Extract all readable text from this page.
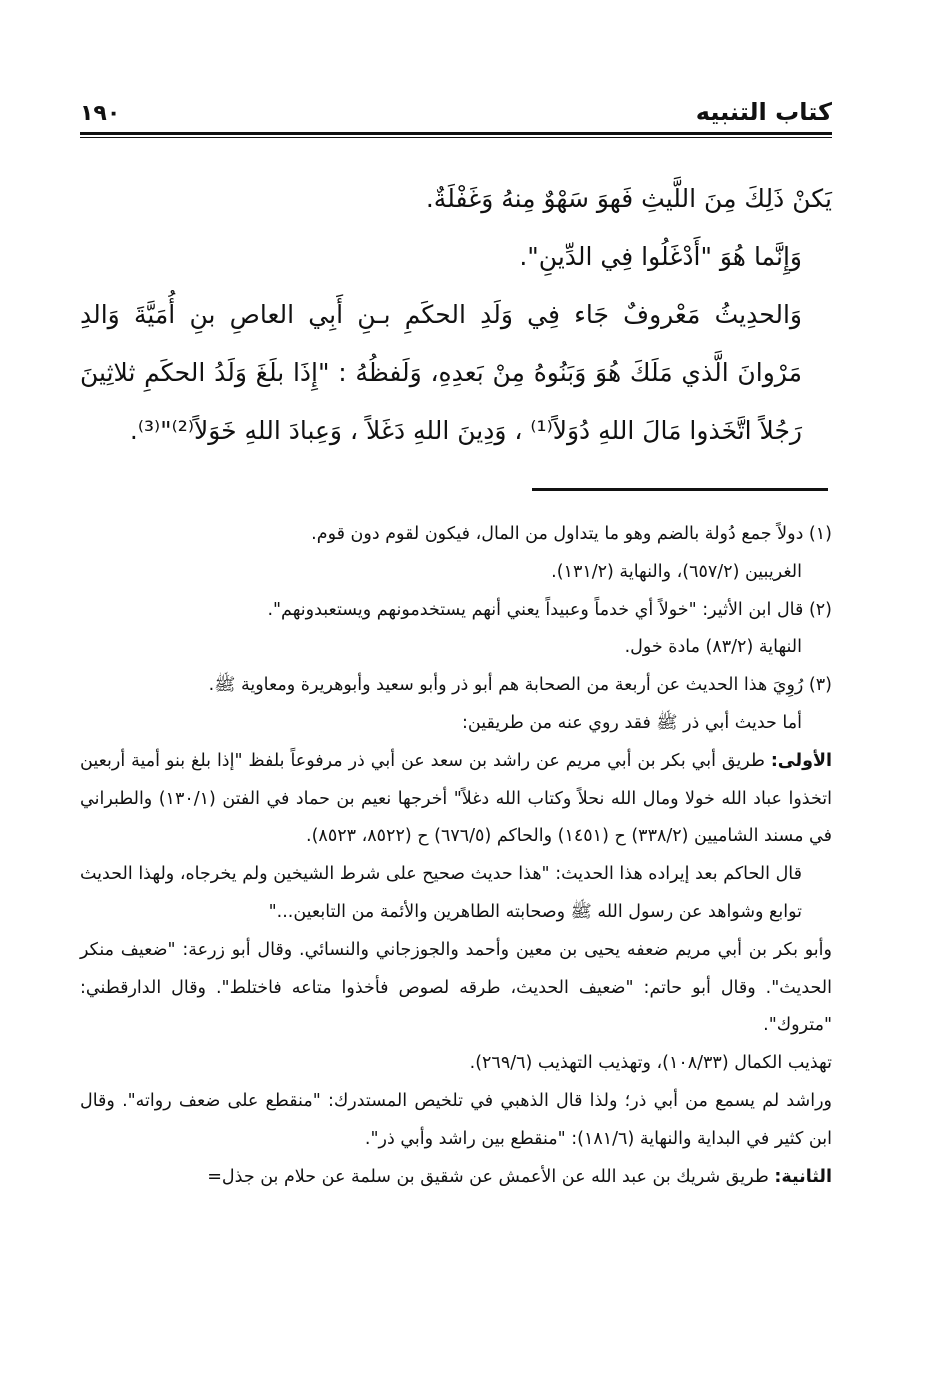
كتاب التنبيه
١٩٠

يَكنْ ذَلِكَ مِنَ اللَّيثِ فَهوَ سَهْوٌ مِنهُ وَغَفْلَةٌ.

وَإِنَّما هُوَ "أَدْغَلُوا فِي الدِّينِ".

وَالحدِيثُ مَعْروفٌ جَاء فِي وَلَدِ الحكَمِ بـنِ أَبِي العاصِ بنِ أُمَيَّةَ وَالدِ مَرْوانَ الَّذي مَلَكَ هُوَ وَبَنُوهُ مِنْ بَعدِهِ، وَلَفظُهُ : "إِذَا بلَغَ وَلَدُ الحكَمِ ثلاثِينَ رَجُلاً اتَّخَذوا مَالَ اللهِ دُوَلاً⁽¹⁾ ، وَدِينَ اللهِ دَغَلاً ، وَعِبادَ اللهِ خَوَلاً⁽²⁾"⁽³⁾.

(١) دولاً جمع دُولة بالضم وهو ما يتداول من المال، فيكون لقوم دون قوم.

الغريبين (٦٥٧/٢)، والنهاية (١٣١/٢).

(٢) قال ابن الأثير: "خولاً أي خدماً وعبيداً يعني أنهم يستخدمونهم ويستعبدونهم".

النهاية (٨٣/٢) مادة خول.

(٣) رُوِيَ هذا الحديث عن أربعة من الصحابة هم أبو ذر وأبو سعيد وأبوهريرة ومعاوية ﷺ.

أما حديث أبي ذر ﷺ فقد روي عنه من طريقين:

الأولى: طريق أبي بكر بن أبي مريم عن راشد بن سعد عن أبي ذر مرفوعاً بلفظ "إذا بلغ بنو أمية أربعين اتخذوا عباد الله خولا ومال الله نحلاً وكتاب الله دغلاً" أخرجها نعيم بن حماد في الفتن (١٣٠/١) والطبراني في مسند الشاميين (٣٣٨/٢) ح (١٤٥١) والحاكم (٦٧٦/٥) ح (٨٥٢٢، ٨٥٢٣).

قال الحاكم بعد إيراده هذا الحديث: "هذا حديث صحيح على شرط الشيخين ولم يخرجاه، ولهذا الحديث توابع وشواهد عن رسول الله ﷺ وصحابته الطاهرين والأئمة من التابعين..."

وأبو بكر بن أبي مريم ضعفه يحيى بن معين وأحمد والجوزجاني والنسائي. وقال أبو زرعة: "ضعيف منكر الحديث". وقال أبو حاتم: "ضعيف الحديث، طرقه لصوص فأخذوا متاعه فاختلط". وقال الدارقطني: "متروك".

تهذيب الكمال (١٠٨/٣٣)، وتهذيب التهذيب (٢٦٩/٦).

وراشد لم يسمع من أبي ذر؛ ولذا قال الذهبي في تلخيص المستدرك: "منقطع على ضعف رواته". وقال ابن كثير في البداية والنهاية (١٨١/٦): "منقطع بين راشد وأبي ذر".

الثانية: طريق شريك بن عبد الله عن الأعمش عن شقيق بن سلمة عن حلام بن جذل=
